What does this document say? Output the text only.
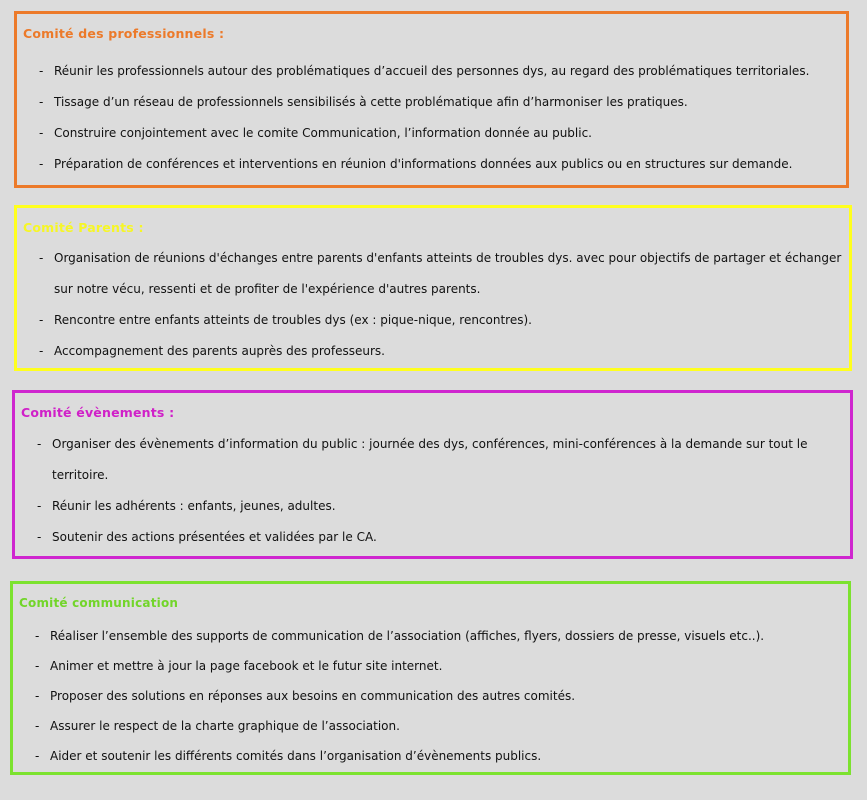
Comité des professionnels :
- Réunir les professionnels autour des problématiques d’accueil des personnes dys, au regard des problématiques territoriales.
- Tissage d’un réseau de professionnels sensibilisés à cette problématique afin d’harmoniser les pratiques.
- Construire conjointement avec le comite Communication, l’information donnée au public.
- Préparation de conférences et interventions en réunion d'informations données aux publics ou en structures sur demande.
Comité Parents :
- Organisation de réunions d'échanges entre parents d'enfants atteints de troubles dys. avec pour objectifs de partager et échanger sur notre vécu, ressenti et de profiter de l'expérience d'autres parents.
- Rencontre entre enfants atteints de troubles dys (ex : pique-nique, rencontres).
- Accompagnement des parents auprès des professeurs.
Comité évènements :
- Organiser des évènements d’information du public : journée des dys, conférences, mini-conférences à la demande sur tout le territoire.
- Réunir les adhérents : enfants, jeunes, adultes.
- Soutenir des actions présentées et validées par le CA.
Comité communication
- Réaliser l’ensemble des supports de communication de l’association (affiches, flyers, dossiers de presse, visuels etc..).
- Animer et mettre à jour la page facebook et le futur site internet.
- Proposer des solutions en réponses aux besoins en communication des autres comités.
- Assurer le respect de la charte graphique de l’association.
- Aider et soutenir les différents comités dans l’organisation d’évènements publics.
